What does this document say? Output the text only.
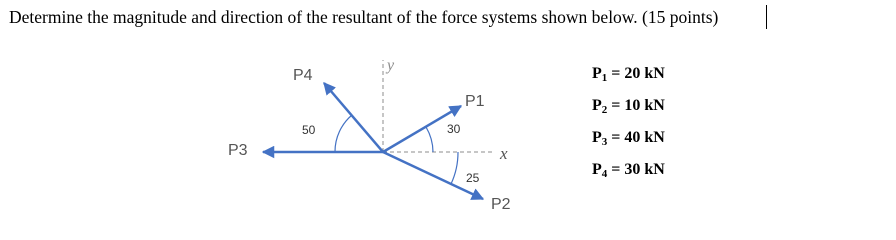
Determine the magnitude and direction of the resultant of the force systems shown below. (15 points)
P4
P1
P3
P2
50	30
25
y
x
$P_1 = 20$ kN
$P_2 = 10$ kN
$P_3 = 40$ kN
$P_4 = 30$ kN
